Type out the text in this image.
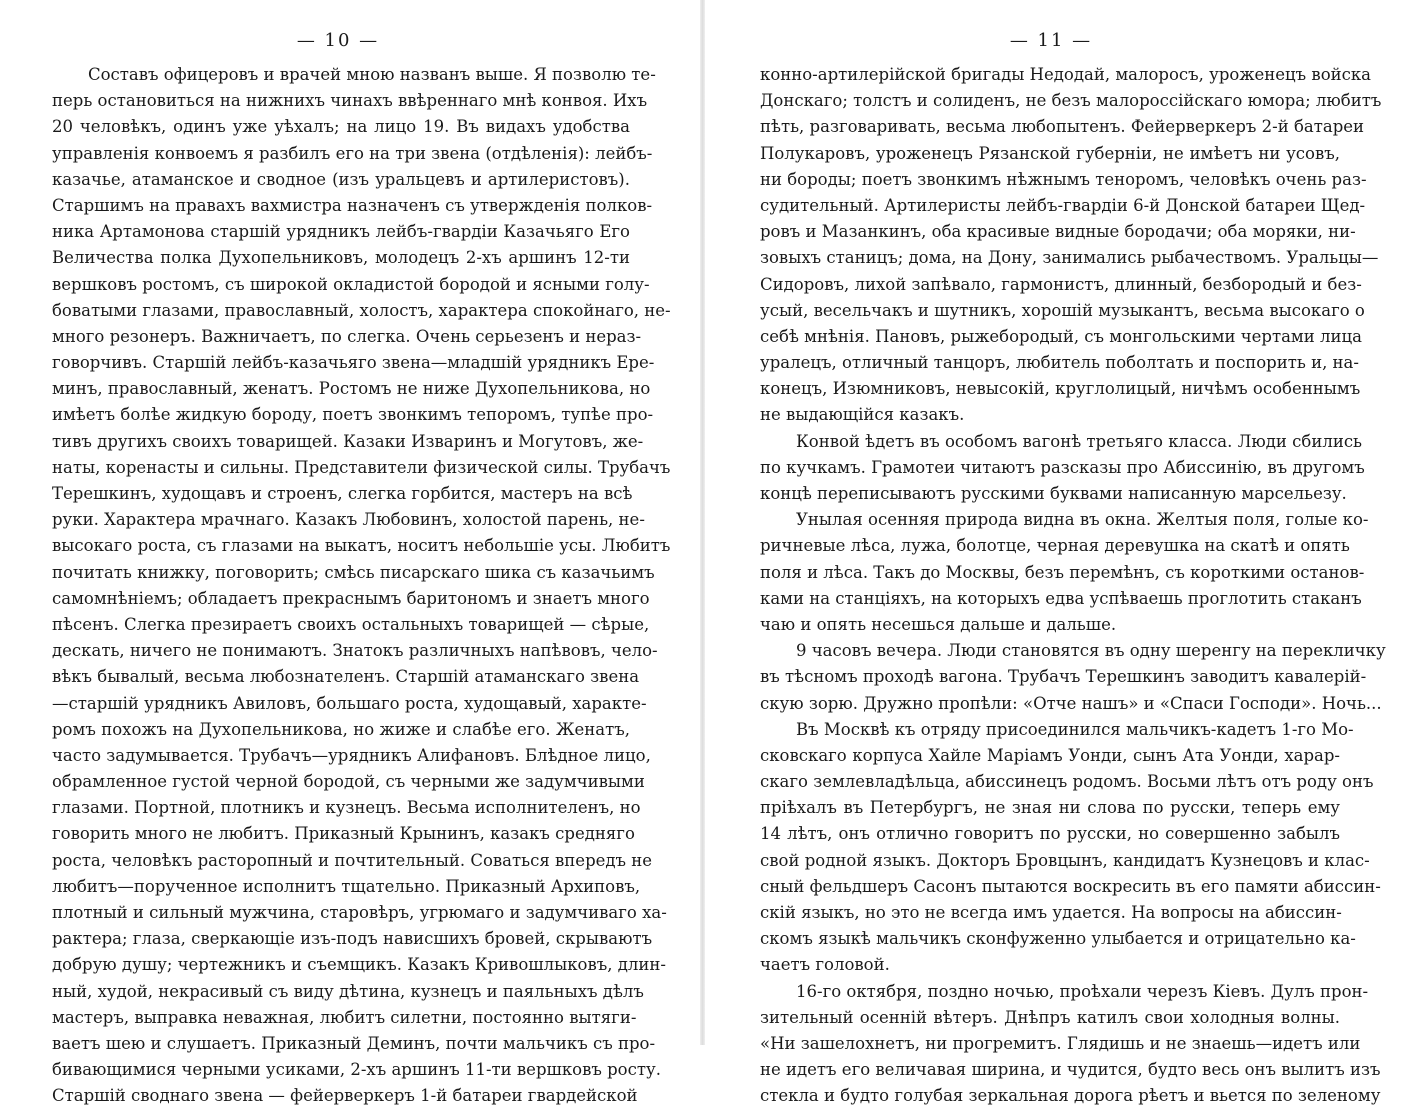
— 10 —
Составъ офицеровъ и врачей мною названъ выше. Я позволю те-
перь остановиться на нижнихъ чинахъ ввѣреннаго мнѣ конвоя. Ихъ
20 человѣкъ, одинъ уже уѣхалъ; на лицо 19. Въ видахъ удобства
управленія конвоемъ я разбилъ его на три звена (отдѣленія): лейбъ-
казачье, атаманское и сводное (изъ уральцевъ и артилеристовъ).
Старшимъ на правахъ вахмистра назначенъ съ утвержденія полков-
ника Артамонова старшій урядникъ лейбъ-гвардіи Казачьяго Его
Величества полка Духопельниковъ, молодецъ 2-хъ аршинъ 12-ти
вершковъ ростомъ, съ широкой окладистой бородой и ясными голу-
боватыми глазами, православный, холостъ, характера спокойнаго, не-
много резонеръ. Важничаетъ, по слегка. Очень серьезенъ и нераз-
говорчивъ. Старшій лейбъ-казачьяго звена—младшій урядникъ Ере-
минъ, православный, женатъ. Ростомъ не ниже Духопельникова, но
имѣетъ болѣе жидкую бороду, поетъ звонкимъ тепоромъ, тупѣе про-
тивъ другихъ своихъ товарищей. Казаки Изваринъ и Могутовъ, же-
наты, коренасты и сильны. Представители физической силы. Трубачъ
Терешкинъ, худощавъ и строенъ, слегка горбится, мастеръ на всѣ
руки. Характера мрачнаго. Казакъ Любовинъ, холостой парень, не-
высокаго роста, съ глазами на выкатъ, носитъ небольшіе усы. Любитъ
почитать книжку, поговорить; смѣсь писарскаго шика съ казачьимъ
самомнѣніемъ; обладаетъ прекраснымъ баритономъ и знаетъ много
пѣсенъ. Слегка презираетъ своихъ остальныхъ товарищей — сѣрые,
дескать, ничего не понимаютъ. Знатокъ различныхъ напѣвовъ, чело-
вѣкъ бывалый, весьма любознателенъ. Старшій атаманскаго звена
—старшій урядникъ Авиловъ, большаго роста, худощавый, характе-
ромъ похожъ на Духопельникова, но жиже и слабѣе его. Женатъ,
часто задумывается. Трубачъ—урядникъ Алифановъ. Блѣдное лицо,
обрамленное густой черной бородой, съ черными же задумчивыми
глазами. Портной, плотникъ и кузнецъ. Весьма исполнителенъ, но
говорить много не любитъ. Приказный Крынинъ, казакъ средняго
роста, человѣкъ расторопный и почтительный. Соваться впередъ не
любитъ—порученное исполнитъ тщательно. Приказный Архиповъ,
плотный и сильный мужчина, старовѣръ, угрюмаго и задумчиваго ха-
рактера; глаза, сверкающіе изъ-подъ нависшихъ бровей, скрываютъ
добрую душу; чертежникъ и съемщикъ. Казакъ Кривошлыковъ, длин-
ный, худой, некрасивый съ виду дѣтина, кузнецъ и паяльныхъ дѣлъ
мастеръ, выправка неважная, любитъ силетни, постоянно вытяги-
ваетъ шею и слушаетъ. Приказный Деминъ, почти мальчикъ съ про-
бивающимися черными усиками, 2-хъ аршинъ 11-ти вершковъ росту.
Старшій своднаго звена — фейерверкеръ 1-й батареи гвардейской
— 11 —
конно-артилерійской бригады Недодай, малоросъ, уроженецъ войска
Донскаго; толстъ и солиденъ, не безъ малороссійскаго юмора; любитъ
пѣть, разговаривать, весьма любопытенъ. Фейерверкеръ 2-й батареи
Полукаровъ, уроженецъ Рязанской губерніи, не имѣетъ ни усовъ,
ни бороды; поетъ звонкимъ нѣжнымъ теноромъ, человѣкъ очень раз-
судительный. Артилеристы лейбъ-гвардіи 6-й Донской батареи Щед-
ровъ и Мазанкинъ, оба красивые видные бородачи; оба моряки, ни-
зовыхъ станицъ; дома, на Дону, занимались рыбачествомъ. Уральцы—
Сидоровъ, лихой запѣвало, гармонистъ, длинный, безбородый и без-
усый, весельчакъ и шутникъ, хорошій музыкантъ, весьма высокаго о
себѣ мнѣнія. Пановъ, рыжебородый, съ монгольскими чертами лица
уралецъ, отличный танцоръ, любитель поболтать и поспорить и, на-
конецъ, Изюмниковъ, невысокій, круглолицый, ничѣмъ особеннымъ
не выдающійся казакъ.
Конвой ѣдетъ въ особомъ вагонѣ третьяго класса. Люди сбились
по кучкамъ. Грамотеи читаютъ разсказы про Абиссинію, въ другомъ
концѣ переписываютъ русскими буквами написанную марсельезу.
Унылая осенняя природа видна въ окна. Желтыя поля, голые ко-
ричневые лѣса, лужа, болотце, черная деревушка на скатѣ и опять
поля и лѣса. Такъ до Москвы, безъ перемѣнъ, съ короткими останов-
ками на станціяхъ, на которыхъ едва успѣваешь проглотить стаканъ
чаю и опять несешься дальше и дальше.
9 часовъ вечера. Люди становятся въ одну шеренгу на перекличку
въ тѣсномъ проходѣ вагона. Трубачъ Терешкинъ заводитъ кавалерій-
скую зорю. Дружно пропѣли: «Отче нашъ» и «Спаси Господи». Ночь...
Въ Москвѣ къ отряду присоединился мальчикъ-кадетъ 1-го Мо-
сковскаго корпуса Хайле Маріамъ Уонди, сынъ Ата Уонди, харар-
скаго землевладѣльца, абиссинецъ родомъ. Восьми лѣтъ отъ роду онъ
пріѣхалъ въ Петербургъ, не зная ни слова по русски, теперь ему
14 лѣтъ, онъ отлично говоритъ по русски, но совершенно забылъ
свой родной языкъ. Докторъ Бровцынъ, кандидатъ Кузнецовъ и клас-
сный фельдшеръ Сасонъ пытаются воскресить въ его памяти абиссин-
скій языкъ, но это не всегда имъ удается. На вопросы на абиссин-
скомъ языкѣ мальчикъ сконфуженно улыбается и отрицательно ка-
чаетъ головой.
16-го октября, поздно ночью, проѣхали черезъ Кіевъ. Дулъ прон-
зительный осенній вѣтеръ. Днѣпръ катилъ свои холодныя волны.
«Ни зашелохнетъ, ни прогремитъ. Глядишь и не знаешь—идетъ или
не идетъ его величавая ширина, и чудится, будто весь онъ вылитъ изъ
стекла и будто голубая зеркальная дорога рѣетъ и вьется по зеленому
